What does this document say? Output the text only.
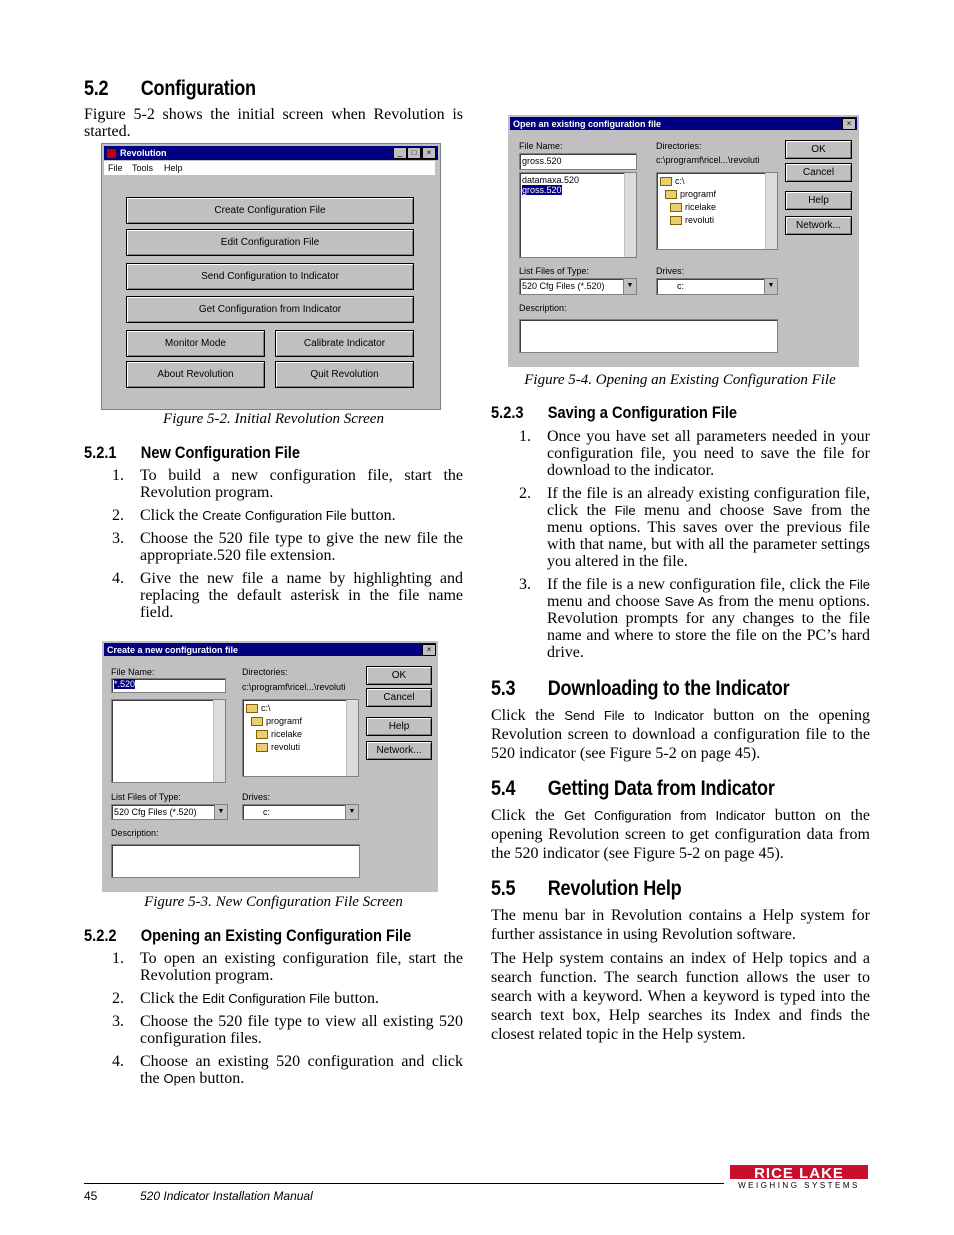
5.2 Configuration
Figure 5-2 shows the initial screen when Revolution is started.
Revolution	_	□	×
File Tools Help
Create Configuration File
Edit Configuration File
Send Configuration to Indicator
Get Configuration from Indicator
Monitor Mode	Calibrate Indicator
About Revolution	Quit Revolution
Figure 5-2. Initial Revolution Screen
5.2.1 New Configuration File
1. To build a new configuration file, start the Revolution program.
2. Click the Create Configuration File button.
3. Choose the 520 file type to give the new file the appropriate.520 file extension.
4. Give the new file a name by highlighting and replacing the default asterisk in the file name field.
Create a new configuration file	×
File Name:
*.520
Directories:
c:\programf\ricel...\revoluti
c:\
programf
ricelake
revoluti
List Files of Type:
520 Cfg Files (*.520)	▼
Drives:
c:	▼
Description:
OK
Cancel
Help
Network...
Figure 5-3. New Configuration File Screen
5.2.2 Opening an Existing Configuration File
1. To open an existing configuration file, start the Revolution program.
2. Click the Edit Configuration File button.
3. Choose the 520 file type to view all existing 520 configuration files.
4. Choose an existing 520 configuration and click the Open button.
Open an existing configuration file	×
File Name:
gross.520
datamaxa.520
gross.520
Directories:
c:\programf\ricel...\revoluti
c:\
programf
ricelake
revoluti
List Files of Type:
520 Cfg Files (*.520)	▼
Drives:
c:	▼
Description:
OK
Cancel
Help
Network...
Figure 5-4. Opening an Existing Configuration File
5.2.3 Saving a Configuration File
1. Once you have set all parameters needed in your configuration file, you need to save the file for download to the indicator.
2. If the file is an already existing configuration file, click the File menu and choose Save from the menu options. This saves over the previous file with that name, but with all the parameter settings you altered in the file.
3. If the file is a new configuration file, click the File menu and choose Save As from the menu options. Revolution prompts for any changes to the file name and where to store the file on the PC’s hard drive.
5.3 Downloading to the Indicator
Click the Send File to Indicator button on the opening Revolution screen to download a configuration file to the 520 indicator (see Figure 5-2 on page 45).
5.4 Getting Data from Indicator
Click the Get Configuration from Indicator button on the opening Revolution screen to get configuration data from the 520 indicator (see Figure 5-2 on page 45).
5.5 Revolution Help
The menu bar in Revolution contains a Help system for further assistance in using Revolution software.
The Help system contains an index of Help topics and a search function. The search function allows the user to search with a keyword. When a keyword is typed into the search text box, Help searches its Index and finds the closest related topic in the Help system.
45	520 Indicator Installation Manual
RICE LAKE
WEIGHING SYSTEMS
